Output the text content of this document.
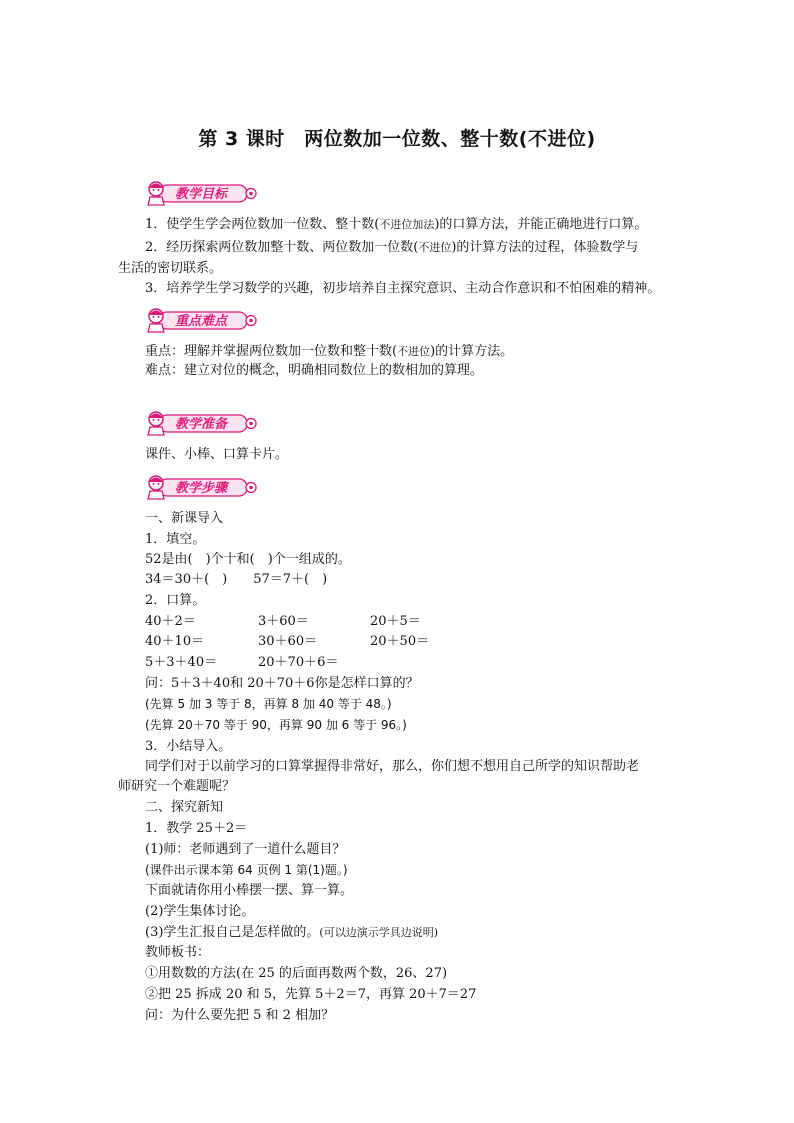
第 3 课时　两位数加一位数、整十数(不进位)
教学目标
1．使学生学会两位数加一位数、整十数(不进位加法)的口算方法，并能正确地进行口算。
2．经历探索两位数加整十数、两位数加一位数(不进位)的计算方法的过程，体验数学与
生活的密切联系。
3．培养学生学习数学的兴趣，初步培养自主探究意识、主动合作意识和不怕困难的精神。
重点难点
重点：理解并掌握两位数加一位数和整十数(不进位)的计算方法。
难点：建立对位的概念，明确相同数位上的数相加的算理。
教学准备
课件、小棒、口算卡片。
教学步骤
一、新课导入
1．填空。
52是由(　)个十和(　)个一组成的。
34＝30＋(　)　　57＝7＋(　)
2．口算。
40＋2＝	3＋60＝	20＋5＝
40＋10＝	30＋60＝	20＋50＝
5＋3＋40＝	20＋70＋6＝
问：5＋3＋40和 20＋70＋6你是怎样口算的？
(先算 5 加 3 等于 8，再算 8 加 40 等于 48。)
(先算 20＋70 等于 90，再算 90 加 6 等于 96。)
3．小结导入。
同学们对于以前学习的口算掌握得非常好，那么，你们想不想用自己所学的知识帮助老
师研究一个难题呢？
二、探究新知
1．教学 25＋2＝
(1)师：老师遇到了一道什么题目？
(课件出示课本第 64 页例 1 第(1)题。)
下面就请你用小棒摆一摆、算一算。
(2)学生集体讨论。
(3)学生汇报自己是怎样做的。(可以边演示学具边说明)
教师板书：
①用数数的方法(在 25 的后面再数两个数，26、27)
②把 25 拆成 20 和 5，先算 5＋2＝7，再算 20＋7＝27
问：为什么要先把 5 和 2 相加？
